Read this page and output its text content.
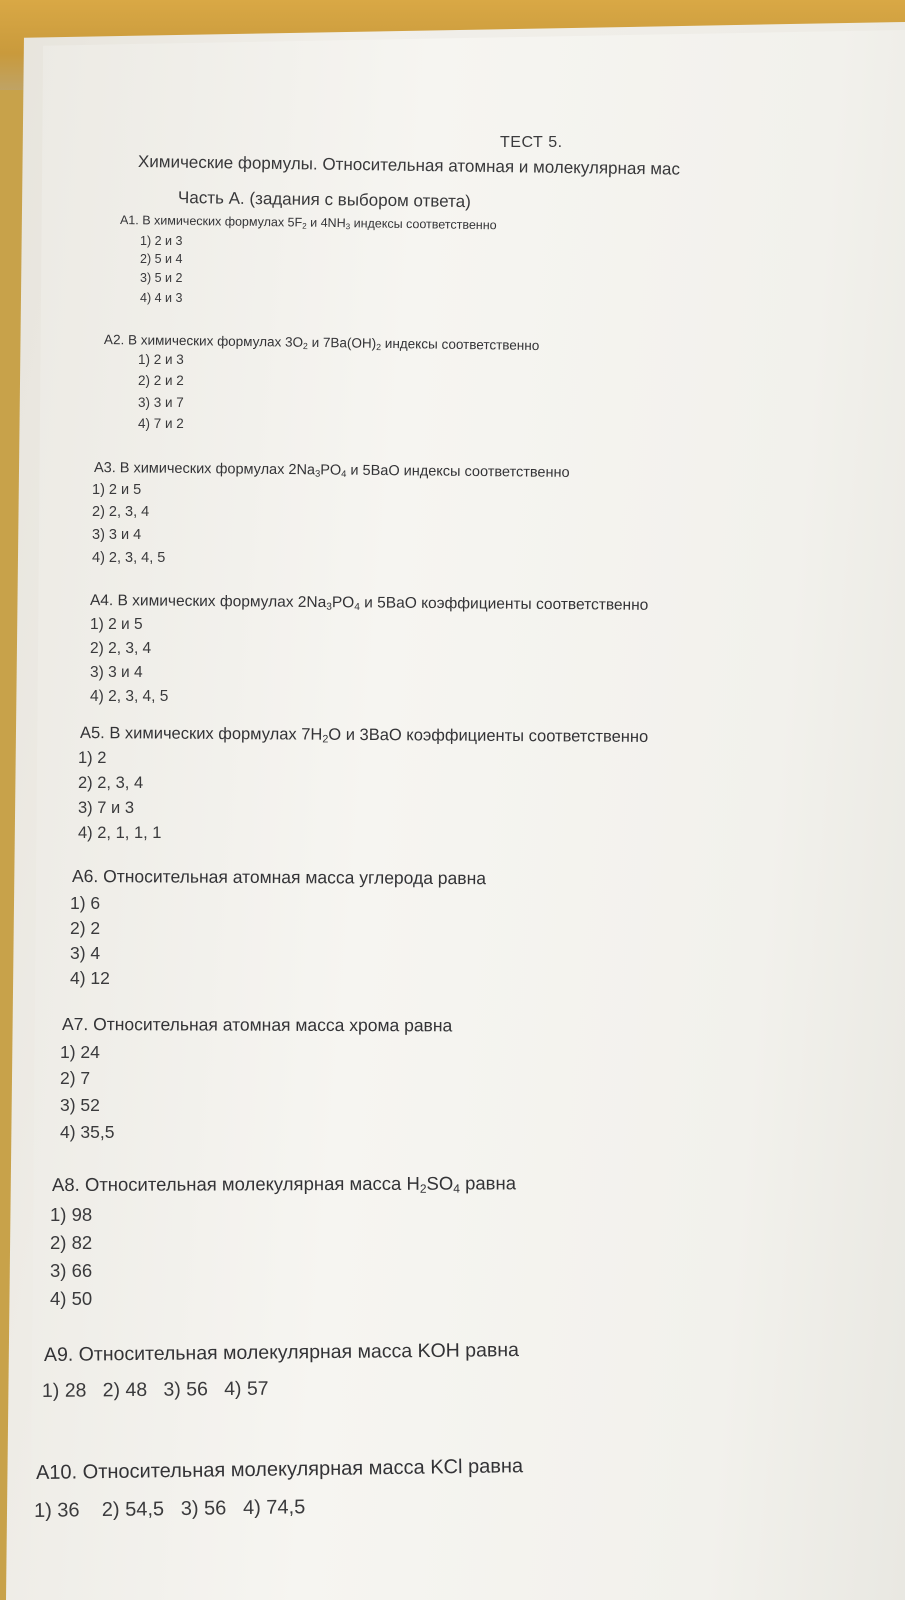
ТЕСТ 5.
Химические формулы. Относительная атомная и молекулярная мас
Часть А. (задания с выбором ответа)
А1. В химических формулах $5F_2$ и $4NH_3$ индексы соответственно
1) 2 и 3
2) 5 и 4
3) 5 и 2
4) 4 и 3
А2. В химических формулах $3O_2$ и $7Ba(OH)_2$ индексы соответственно
1) 2 и 3
2) 2 и 2
3) 3 и 7
4) 7 и 2
А3. В химических формулах $2Na_3PO_4$ и 5BaO индексы соответственно
1) 2 и 5
2) 2, 3, 4
3) 3 и 4
4) 2, 3, 4, 5
А4. В химических формулах $2Na_3PO_4$ и 5BaO коэффициенты соответственно
1) 2 и 5
2) 2, 3, 4
3) 3 и 4
4) 2, 3, 4, 5
А5. В химических формулах $7H_2O$ и 3BaO коэффициенты соответственно
1) 2
2) 2, 3, 4
3) 7 и 3
4) 2, 1, 1, 1
А6. Относительная атомная масса углерода равна
1) 6
2) 2
3) 4
4) 12
А7. Относительная атомная масса хрома равна
1) 24
2) 7
3) 52
4) 35,5
А8. Относительная молекулярная масса $H_2SO_4$ равна
1) 98
2) 82
3) 66
4) 50
А9. Относительная молекулярная масса KOH равна
1) 28 2) 48 3) 56 4) 57
А10. Относительная молекулярная масса KCl равна
1) 36 2) 54,5 3) 56 4) 74,5
